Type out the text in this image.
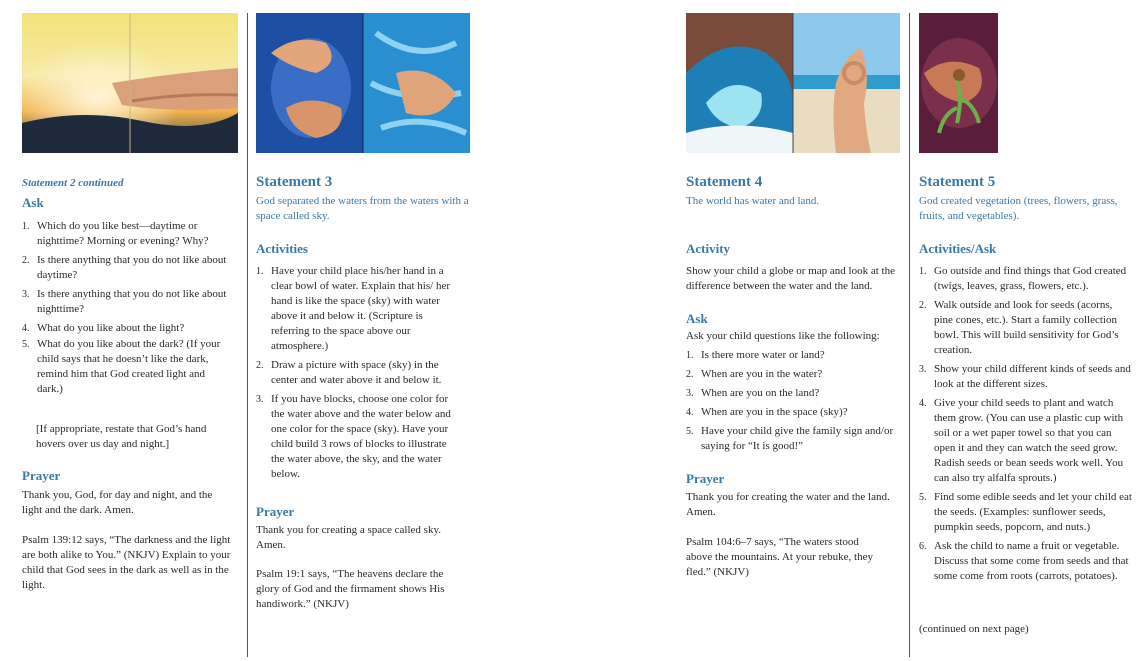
Statement 2 continued
Ask
1. Which do you like best—daytime or nighttime? Morning or evening? Why?
2. Is there anything that you do not like about daytime?
3. Is there anything that you do not like about nighttime?
4. What do you like about the light?
5. What do you like about the dark? (If your child says that he doesn’t like the dark, remind him that God created light and dark.)
[If appropriate, restate that God’s hand hovers over us day and night.]
Prayer
Thank you, God, for day and night, and the light and the dark. Amen.
Psalm 139:12 says, “The darkness and the light are both alike to You.” (NKJV) Explain to your child that God sees in the dark as well as in the light.
Statement 3
God separated the waters from the waters with a space called sky.
Activities
1. Have your child place his/her hand in a clear bowl of water. Explain that his/ her hand is like the space (sky) with water above it and below it. (Scripture is referring to the space above our atmosphere.)
2. Draw a picture with space (sky) in the center and water above it and below it.
3. If you have blocks, choose one color for the water above and the water below and one color for the space (sky). Have your child build 3 rows of blocks to illustrate the water above, the sky, and the water below.
Prayer
Thank you for creating a space called sky. Amen.
Psalm 19:1 says, “The heavens declare the glory of God and the firmament shows His handiwork.” (NKJV)
Statement 4
The world has water and land.
Activity
Show your child a globe or map and look at the difference between the water and the land.
Ask
Ask your child questions like the following:
1. Is there more water or land?
2. When are you in the water?
3. When are you on the land?
4. When are you in the space (sky)?
5. Have your child give the family sign and/or saying for “It is good!”
Prayer
Thank you for creating the water and the land. Amen.
Psalm 104:6–7 says, “The waters stood above the mountains. At your rebuke, they fled.” (NKJV)
Statement 5
God created vegetation (trees, flowers, grass, fruits, and vegetables).
Activities/Ask
1. Go outside and find things that God created (twigs, leaves, grass, flowers, etc.).
2. Walk outside and look for seeds (acorns, pine cones, etc.). Start a family collection bowl. This will build sensitivity for God’s creation.
3. Show your child different kinds of seeds and look at the different sizes.
4. Give your child seeds to plant and watch them grow. (You can use a plastic cup with soil or a wet paper towel so that you can open it and they can watch the seed grow. Radish seeds or bean seeds work well. You can also try alfalfa sprouts.)
5. Find some edible seeds and let your child eat the seeds. (Examples: sunflower seeds, pumpkin seeds, popcorn, and nuts.)
6. Ask the child to name a fruit or vegetable. Discuss that some come from seeds and that some come from roots (carrots, potatoes).
(continued on next page)
